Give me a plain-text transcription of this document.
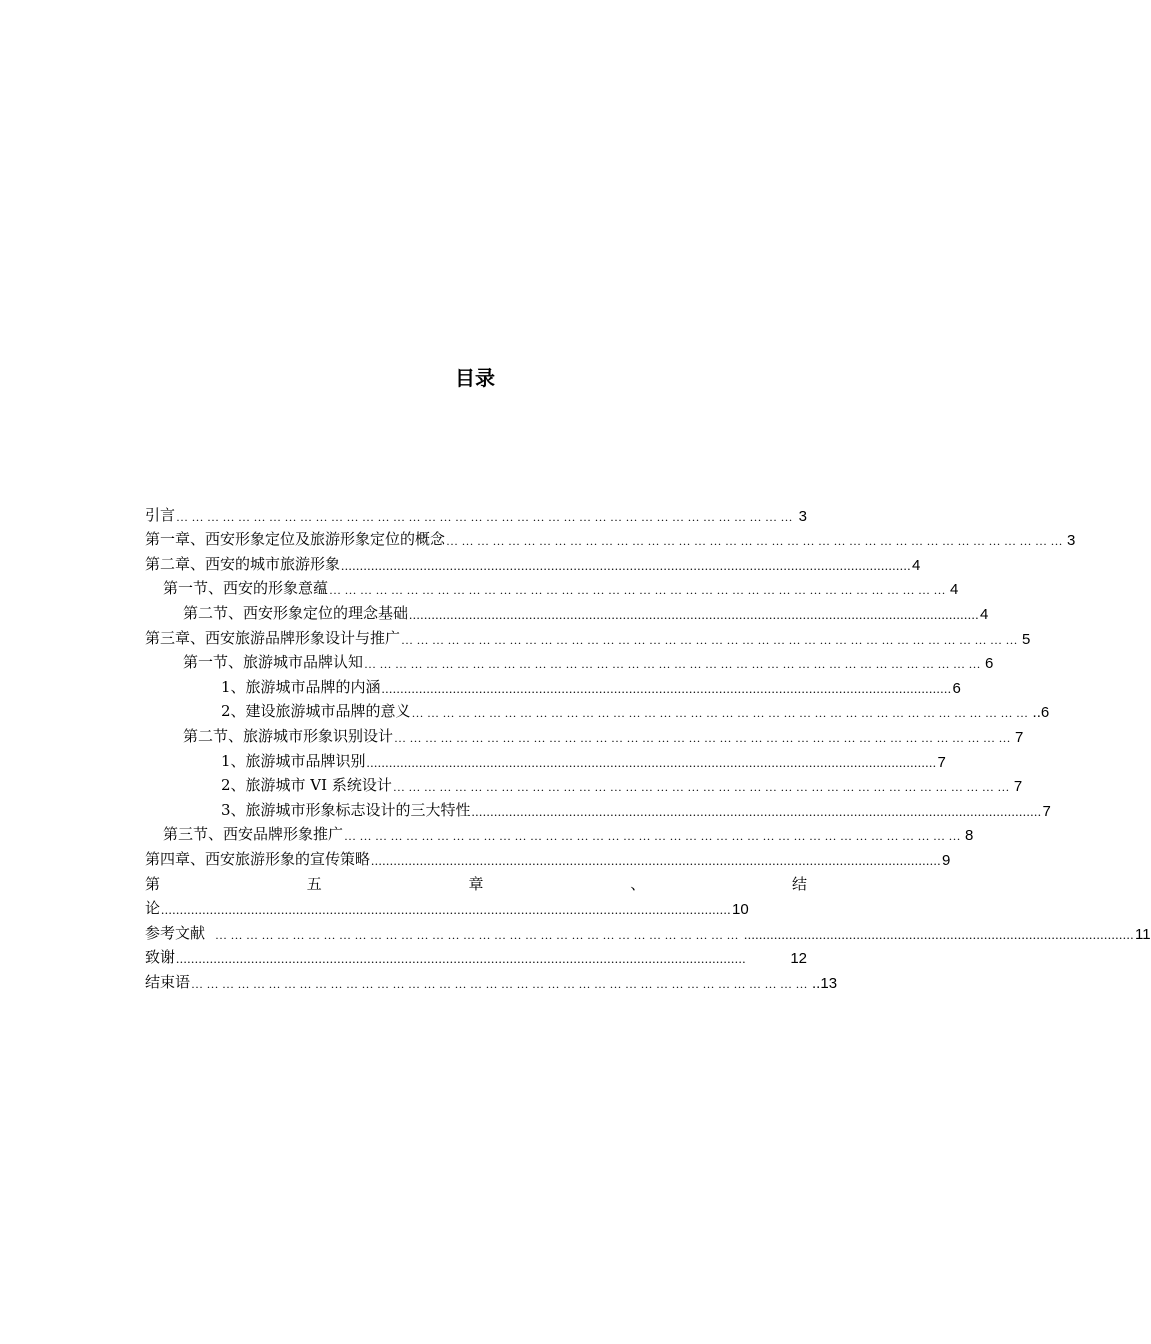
目录
引言 ………………………………………………………………………………………………………… 3
第一章、西安形象定位及旅游形象定位的概念 ………………………………………………………………………………………………………… 3
第二章、西安的城市旅游形象 ........................................................................................................................................................ 4
第一节、西安的形象意蕴 ………………………………………………………………………………………………………… 4
第二节、西安形象定位的理念基础 ........................................................................................................................................................ 4
第三章、西安旅游品牌形象设计与推广 ………………………………………………………………………………………………………… 5
第一节、旅游城市品牌认知 ………………………………………………………………………………………………………… 6
1、旅游城市品牌的内涵 ........................................................................................................................................................ 6
2、建设旅游城市品牌的意义 ………………………………………………………………………………………………………… ..6
第二节、旅游城市形象识别设计 ………………………………………………………………………………………………………… 7
1、旅游城市品牌识别 ........................................................................................................................................................ 7
2、旅游城市 VI 系统设计 ………………………………………………………………………………………………………… 7
3、旅游城市形象标志设计的三大特性 ........................................................................................................................................................ 7
第三节、西安品牌形象推广 ………………………………………………………………………………………………………… 8
第四章、西安旅游形象的宣传策略 ........................................................................................................................................................ 9
第	五	章	、	结
论 ........................................................................................................................................................ 10
参考文献 ………………………………………………………………………………………… ........................................................................................................ 11
致谢 ........................................................................................................................................................	12
结束语 ………………………………………………………………………………………………………… ..13
